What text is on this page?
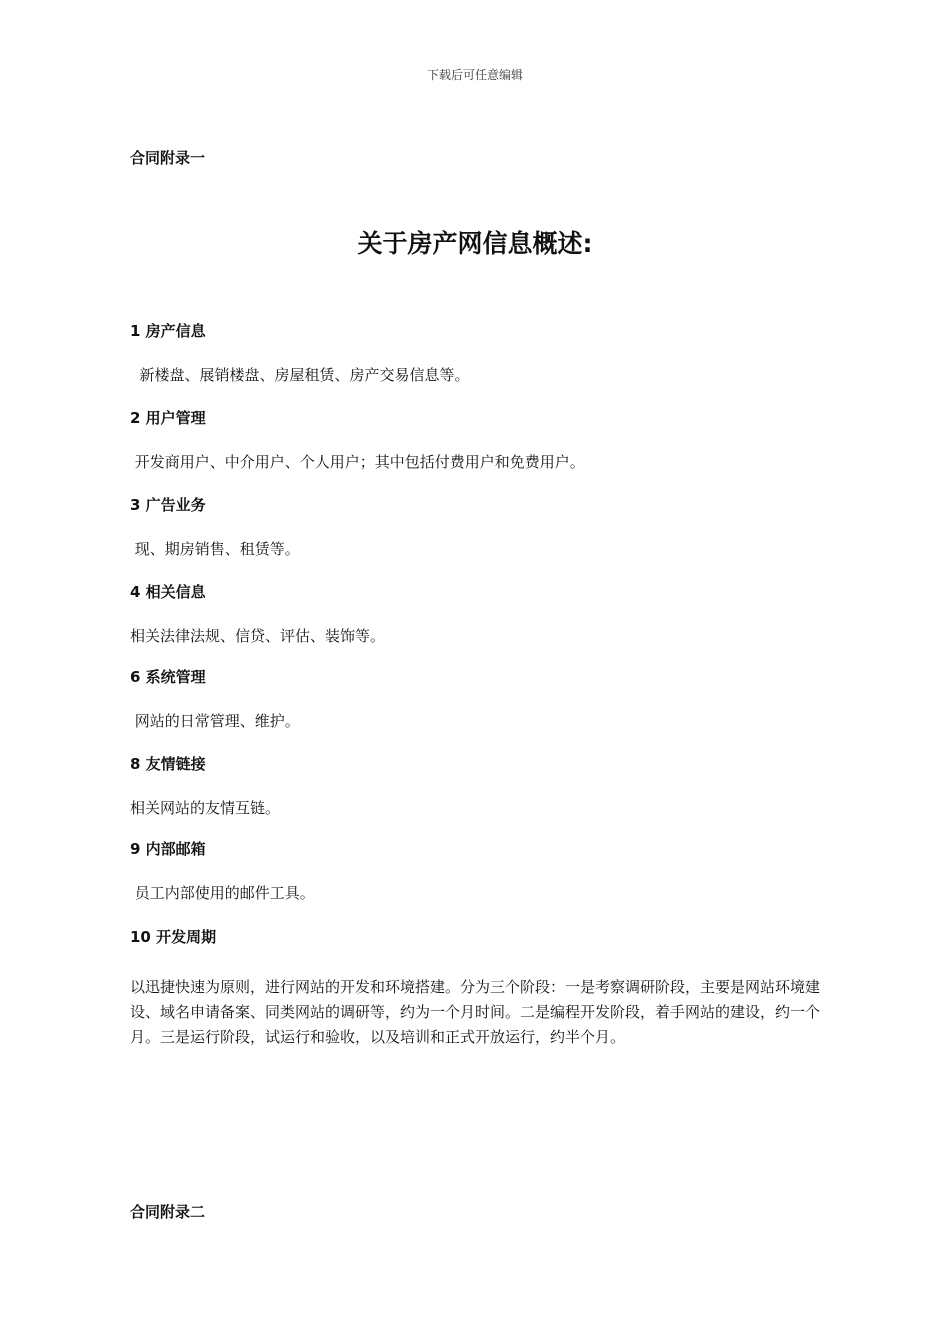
下载后可任意编辑
合同附录一
关于房产网信息概述:

1 房产信息

新楼盘、展销楼盘、房屋租赁、房产交易信息等。

2 用户管理

开发商用户、中介用户、个人用户；其中包括付费用户和免费用户。

3 广告业务

现、期房销售、租赁等。

4 相关信息

相关法律法规、信贷、评估、装饰等。

6 系统管理

网站的日常管理、维护。

8 友情链接

相关网站的友情互链。

9 内部邮箱

员工内部使用的邮件工具。

10 开发周期

以迅捷快速为原则，进行网站的开发和环境搭建。分为三个阶段：一是考察调研阶段，主要是网站环境建设、域名申请备案、同类网站的调研等，约为一个月时间。二是编程开发阶段，着手网站的建设，约一个月。三是运行阶段，试运行和验收，以及培训和正式开放运行，约半个月。

合同附录二
